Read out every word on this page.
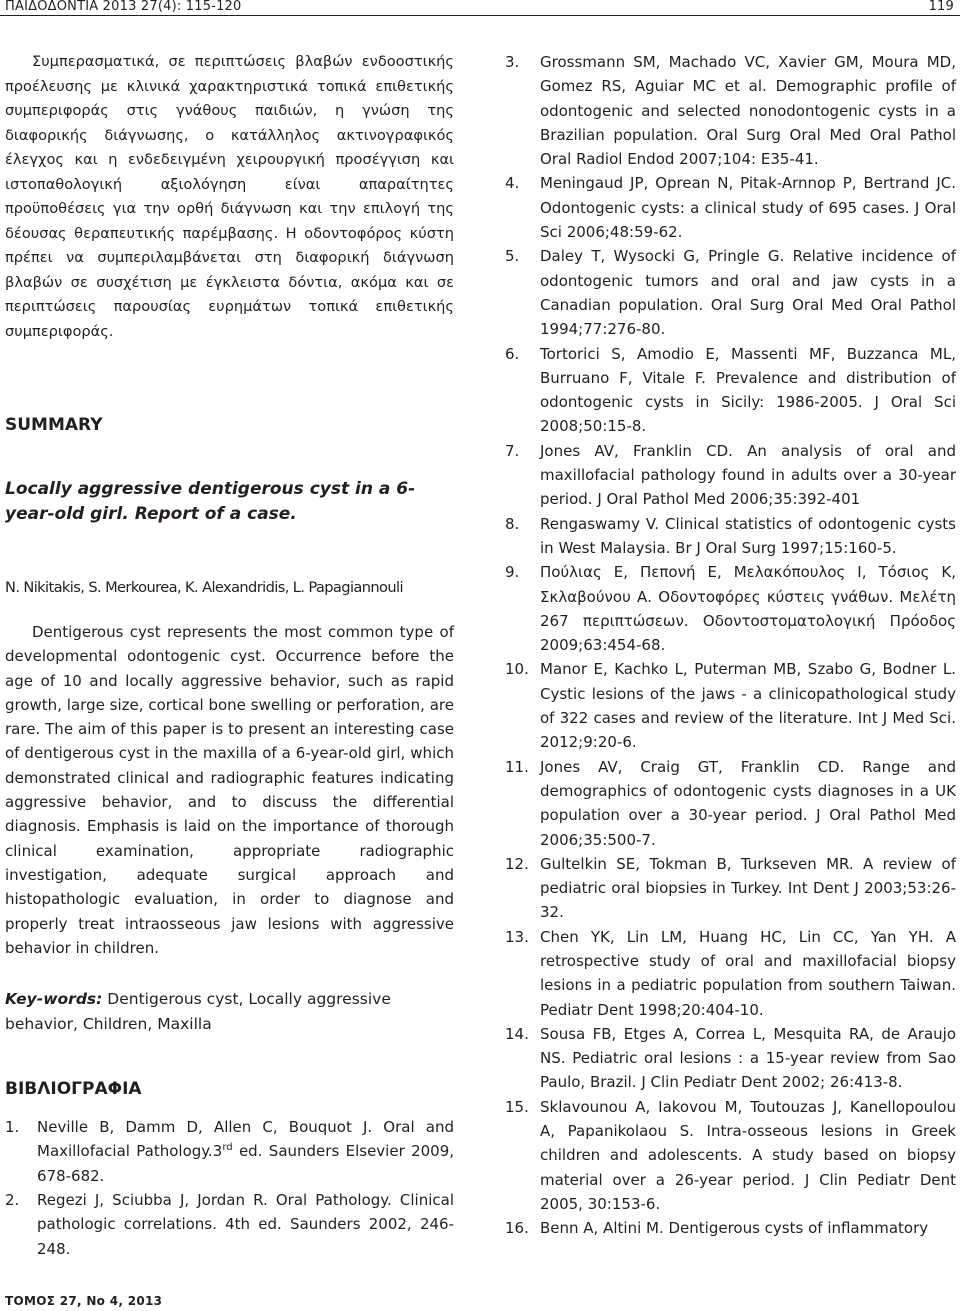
ΠΑΙΔΟΔΟΝΤΙΑ 2013 27(4): 115-120	119

Συμπερασματικά, σε περιπτώσεις βλαβών ενδοοστικής προέλευσης με κλινικά χαρακτηριστικά τοπικά επιθετικής συμπεριφοράς στις γνάθους παιδιών, η γνώση της διαφορικής διάγνωσης, ο κατάλληλος ακτινογραφικός έλεγχος και η ενδεδειγμένη χειρουργική προσέγγιση και ιστοπαθολογική αξιολόγηση είναι απαραίτητες προϋποθέσεις για την ορθή διάγνωση και την επιλογή της δέουσας θεραπευτικής παρέμβασης. Η οδοντοφόρος κύστη πρέπει να συμπεριλαμβάνεται στη διαφορική διάγνωση βλαβών σε συσχέτιση με έγκλειστα δόντια, ακόμα και σε περιπτώσεις παρουσίας ευρημάτων τοπικά επιθετικής συμπεριφοράς.

SUMMARY
Locally aggressive dentigerous cyst in a 6-year-old girl. Report of a case.

N. Nikitakis, S. Merkourea, K. Alexandridis, L. Papagiannouli

Dentigerous cyst represents the most common type of developmental odontogenic cyst. Occurrence before the age of 10 and locally aggressive behavior, such as rapid growth, large size, cortical bone swelling or perforation, are rare. The aim of this paper is to present an interesting case of dentigerous cyst in the maxilla of a 6-year-old girl, which demonstrated clinical and radiographic features indicating aggressive behavior, and to discuss the differential diagnosis. Emphasis is laid on the importance of thorough clinical examination, appropriate radiographic investigation, adequate surgical approach and histopathologic evaluation, in order to diagnose and properly treat intraosseous jaw lesions with aggressive behavior in children.

Key-words: Dentigerous cyst, Locally aggressive behavior, Children, Maxilla

ΒΙΒΛΙΟΓΡΑΦΙΑ
1. Neville B, Damm D, Allen C, Bouquot J. Oral and Maxillofacial Pathology.3rd ed. Saunders Elsevier 2009, 678-682.
2. Regezi J, Sciubba J, Jordan R. Oral Pathology. Clinical pathologic correlations. 4th ed. Saunders 2002, 246-248.
3. Grossmann SM, Machado VC, Xavier GM, Moura MD, Gomez RS, Aguiar MC et al. Demographic profile of odontogenic and selected nonodontogenic cysts in a Brazilian population. Oral Surg Oral Med Oral Pathol Oral Radiol Endod 2007;104: E35-41.
4. Meningaud JP, Oprean N, Pitak-Arnnop P, Bertrand JC. Odontogenic cysts: a clinical study of 695 cases. J Oral Sci 2006;48:59-62.
5. Daley T, Wysocki G, Pringle G. Relative incidence of odontogenic tumors and oral and jaw cysts in a Canadian population. Oral Surg Oral Med Oral Pathol 1994;77:276-80.
6. Tortorici S, Amodio E, Massenti MF, Buzzanca ML, Burruano F, Vitale F. Prevalence and distribution of odontogenic cysts in Sicily: 1986-2005. J Oral Sci 2008;50:15-8.
7. Jones AV, Franklin CD. An analysis of oral and maxillofacial pathology found in adults over a 30-year period. J Oral Pathol Med 2006;35:392-401
8. Rengaswamy V. Clinical statistics of odontogenic cysts in West Malaysia. Br J Oral Surg 1997;15:160-5.
9. Πούλιας Ε, Πεπονή Ε, Μελακόπουλος Ι, Τόσιος Κ, Σκλαβούνου Α. Οδοντοφόρες κύστεις γνάθων. Μελέτη 267 περιπτώσεων. Οδοντοστοματολογική Πρόοδος 2009;63:454-68.
10. Manor E, Kachko L, Puterman MB, Szabo G, Bodner L. Cystic lesions of the jaws - a clinicopathological study of 322 cases and review of the literature. Int J Med Sci. 2012;9:20-6.
11. Jones AV, Craig GT, Franklin CD. Range and demographics of odontogenic cysts diagnoses in a UK population over a 30-year period. J Oral Pathol Med 2006;35:500-7.
12. Gultelkin SE, Tokman B, Turkseven MR. A review of pediatric oral biopsies in Turkey. Int Dent J 2003;53:26-32.
13. Chen YK, Lin LM, Huang HC, Lin CC, Yan YH. A retrospective study of oral and maxillofacial biopsy lesions in a pediatric population from southern Taiwan. Pediatr Dent 1998;20:404-10.
14. Sousa FB, Etges A, Correa L, Mesquita RA, de Araujo NS. Pediatric oral lesions : a 15-year review from Sao Paulo, Brazil. J Clin Pediatr Dent 2002; 26:413-8.
15. Sklavounou A, Iakovou M, Toutouzas J, Kanellopoulou A, Papanikolaou S. Intra-osseous lesions in Greek children and adolescents. A study based on biopsy material over a 26-year period. J Clin Pediatr Dent 2005, 30:153-6.
16. Benn A, Altini M. Dentigerous cysts of inflammatory
ΤΟΜΟΣ 27, Νο 4, 2013
